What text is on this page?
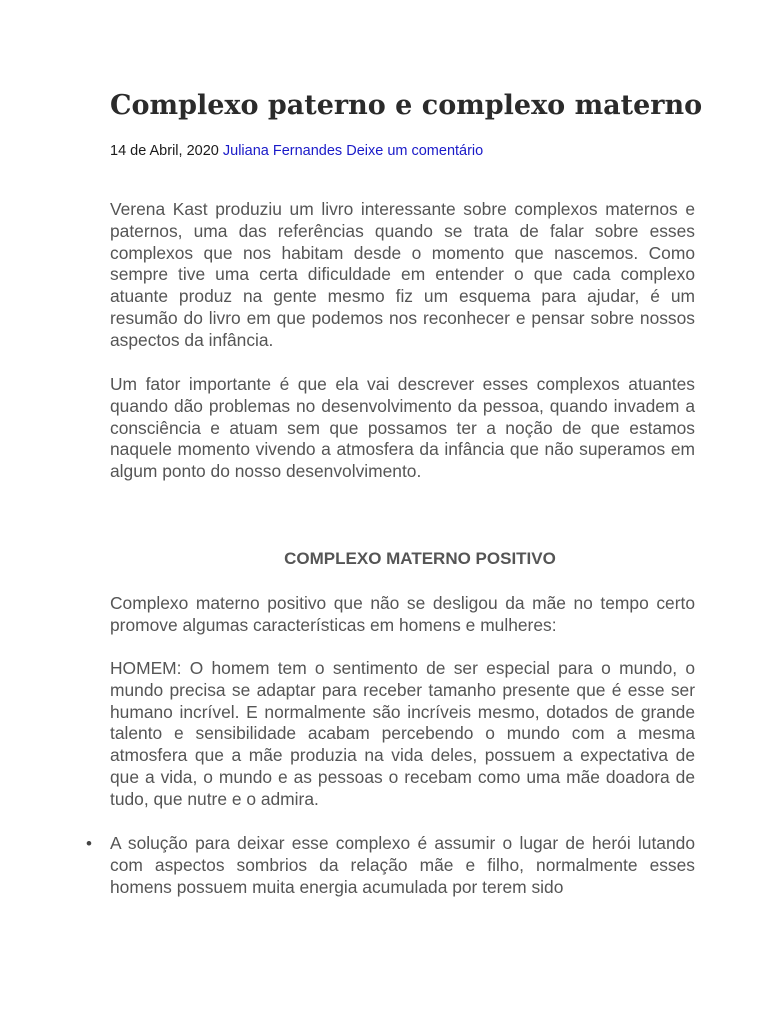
Complexo paterno e complexo materno
14 de Abril, 2020 Juliana Fernandes Deixe um comentário

Verena Kast produziu um livro interessante sobre complexos maternos e paternos, uma das referências quando se trata de falar sobre esses complexos que nos habitam desde o momento que nascemos. Como sempre tive uma certa dificuldade em entender o que cada complexo atuante produz na gente mesmo fiz um esquema para ajudar, é um resumão do livro em que podemos nos reconhecer e pensar sobre nossos aspectos da infância.

Um fator importante é que ela vai descrever esses complexos atuantes quando dão problemas no desenvolvimento da pessoa, quando invadem a consciência e atuam sem que possamos ter a noção de que estamos naquele momento vivendo a atmosfera da infância que não superamos em algum ponto do nosso desenvolvimento.

COMPLEXO MATERNO POSITIVO

Complexo materno positivo que não se desligou da mãe no tempo certo promove algumas características em homens e mulheres:

HOMEM: O homem tem o sentimento de ser especial para o mundo, o mundo precisa se adaptar para receber tamanho presente que é esse ser humano incrível. E normalmente são incríveis mesmo, dotados de grande talento e sensibilidade acabam percebendo o mundo com a mesma atmosfera que a mãe produzia na vida deles, possuem a expectativa de que a vida, o mundo e as pessoas o recebam como uma mãe doadora de tudo, que nutre e o admira.

• A solução para deixar esse complexo é assumir o lugar de herói lutando com aspectos sombrios da relação mãe e filho, normalmente esses homens possuem muita energia acumulada por terem sido
